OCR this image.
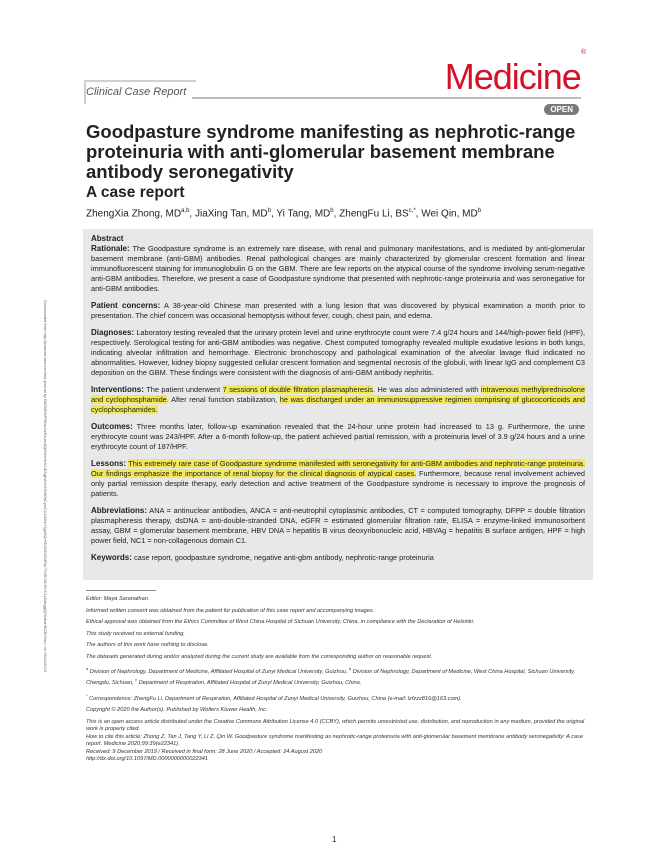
Downloaded from http://journals.lww.com/md-journal by BhDMf5ePHKav1zEoum1tQfN4a+kJLhEZgbsIHo4XMi0hCywCX1AWnYQp/IlQrHD3i3D0OdRyi7TvSFl4Cf3VC1y0abggQZXdtwnfKZBYtws= on 09/11/2023
Clinical Case Report	Medicine®
OPEN
Goodpasture syndrome manifesting as nephrotic-range proteinuria with anti-glomerular basement membrane antibody seronegativity
A case report
ZhengXia Zhong, MD$^{a,b}$, JiaXing Tan, $MD^b$, Yi Tang, $MD^b$, ZhengFu Li, $BS^{c,*}$, Wei Qin, $MD^b$
Abstract

Rationale: The Goodpasture syndrome is an extremely rare disease, with renal and pulmonary manifestations, and is mediated by anti-glomerular basement membrane (anti-GBM) antibodies. Renal pathological changes are mainly characterized by glomerular crescent formation and linear immunofluorescent staining for immunoglobulin G on the GBM. There are few reports on the atypical course of the syndrome involving serum-negative anti-GBM antibodies. Therefore, we present a case of Goodpasture syndrome that presented with nephrotic-range proteinuria and was seronegative for anti-GBM antibodies.

Patient concerns: A 38-year-old Chinese man presented with a lung lesion that was discovered by physical examination a month prior to presentation. The chief concern was occasional hemoptysis without fever, cough, chest pain, and edema.

Diagnoses: Laboratory testing revealed that the urinary protein level and urine erythrocyte count were 7.4 g/24 hours and 144/high-power field (HPF), respectively. Serological testing for anti-GBM antibodies was negative. Chest computed tomography revealed multiple exudative lesions in both lungs, indicating alveolar infiltration and hemorrhage. Electronic bronchoscopy and pathological examination of the alveolar lavage fluid indicated no abnormalities. However, kidney biopsy suggested cellular crescent formation and segmental necrosis of the globuli, with linear IgG and complement C3 deposition on the GBM. These findings were consistent with the diagnosis of anti-GBM antibody nephritis.

Interventions: The patient underwent 7 sessions of double filtration plasmapheresis. He was also administered with intravenous methylprednisolone and cyclophosphamide. After renal function stabilization, he was discharged under an immunosuppressive regimen comprising of glucocorticoids and cyclophosphamides.

Outcomes: Three months later, follow-up examination revealed that the 24-hour urine protein had increased to 13 g. Furthermore, the urine erythrocyte count was 243/HPF. After a 6-month follow-up, the patient achieved partial remission, with a proteinuria level of 3.9 g/24 hours and a urine erythrocyte count of 187/HPF.

Lessons: This extremely rare case of Goodpasture syndrome manifested with seronegativity for anti-GBM antibodies and nephrotic-range proteinuria. Our findings emphasize the importance of renal biopsy for the clinical diagnosis of atypical cases. Furthermore, because renal involvement achieved only partial remission despite therapy, early detection and active treatment of the Goodpasture syndrome is necessary to improve the prognosis of patients.

Abbreviations: ANA = antinuclear antibodies, ANCA = anti-neutrophil cytoplasmic antibodies, CT = computed tomography, DFPP = double filtration plasmapheresis therapy, dsDNA = anti-double-stranded DNA, eGFR = estimated glomerular filtration rate, ELISA = enzyme-linked immunosorbent assay, GBM = glomerular basement membrane, HBV DNA = hepatitis B virus deoxyribonucleic acid, HBVAg = hepatitis B surface antigen, HPF = high power field, NC1 = non-collagenous domain C1.

Keywords: case report, goodpasture syndrome, negative anti-gbm antibody, nephrotic-range proteinuria

Editor: Maya Saranathan.

Informed written consent was obtained from the patient for publication of this case report and accompanying images.

Ethical approval was obtained from the Ethics Committee of West China Hospital of Sichuan University, China, in compliance with the Declaration of Helsinki.

This study received no external funding.

The authors of this work have nothing to disclose.

The datasets generated during and/or analyzed during the current study are available from the corresponding author on reasonable request.

$^a$ Division of Nephrology, Department of Medicine, Affiliated Hospital of Zunyi Medical University, Guizhou, $^b$ Division of Nephrology, Department of Medicine, West China Hospital, Sichuan University, Chengdu, Sichuan, $^c$ Department of Respiration, Affiliated Hospital of Zunyi Medical University, Guizhou, China.

* Correspondence: ZhengFu Li, Department of Respiration, Affiliated Hospital of Zunyi Medical University, Guizhou, China (e-mail: lzfzzz816@163.com).

Copyright © 2020 the Author(s). Published by Wolters Kluwer Health, Inc.

This is an open access article distributed under the Creative Commons Attribution License 4.0 (CCBY), which permits unrestricted use, distribution, and reproduction in any medium, provided the original work is properly cited.

How to cite this article: Zhong Z, Tan J, Tang Y, Li Z, Qin W. Goodpasture syndrome manifesting as nephrotic-range proteinuria with anti-glomerular basement membrane antibody seronegativity: A case report. Medicine 2020;99:39(e22341).

Received: 9 December 2019 / Received in final form: 28 June 2020 / Accepted: 24 August 2020

http://dx.doi.org/10.1097/MD.0000000000022341

1
